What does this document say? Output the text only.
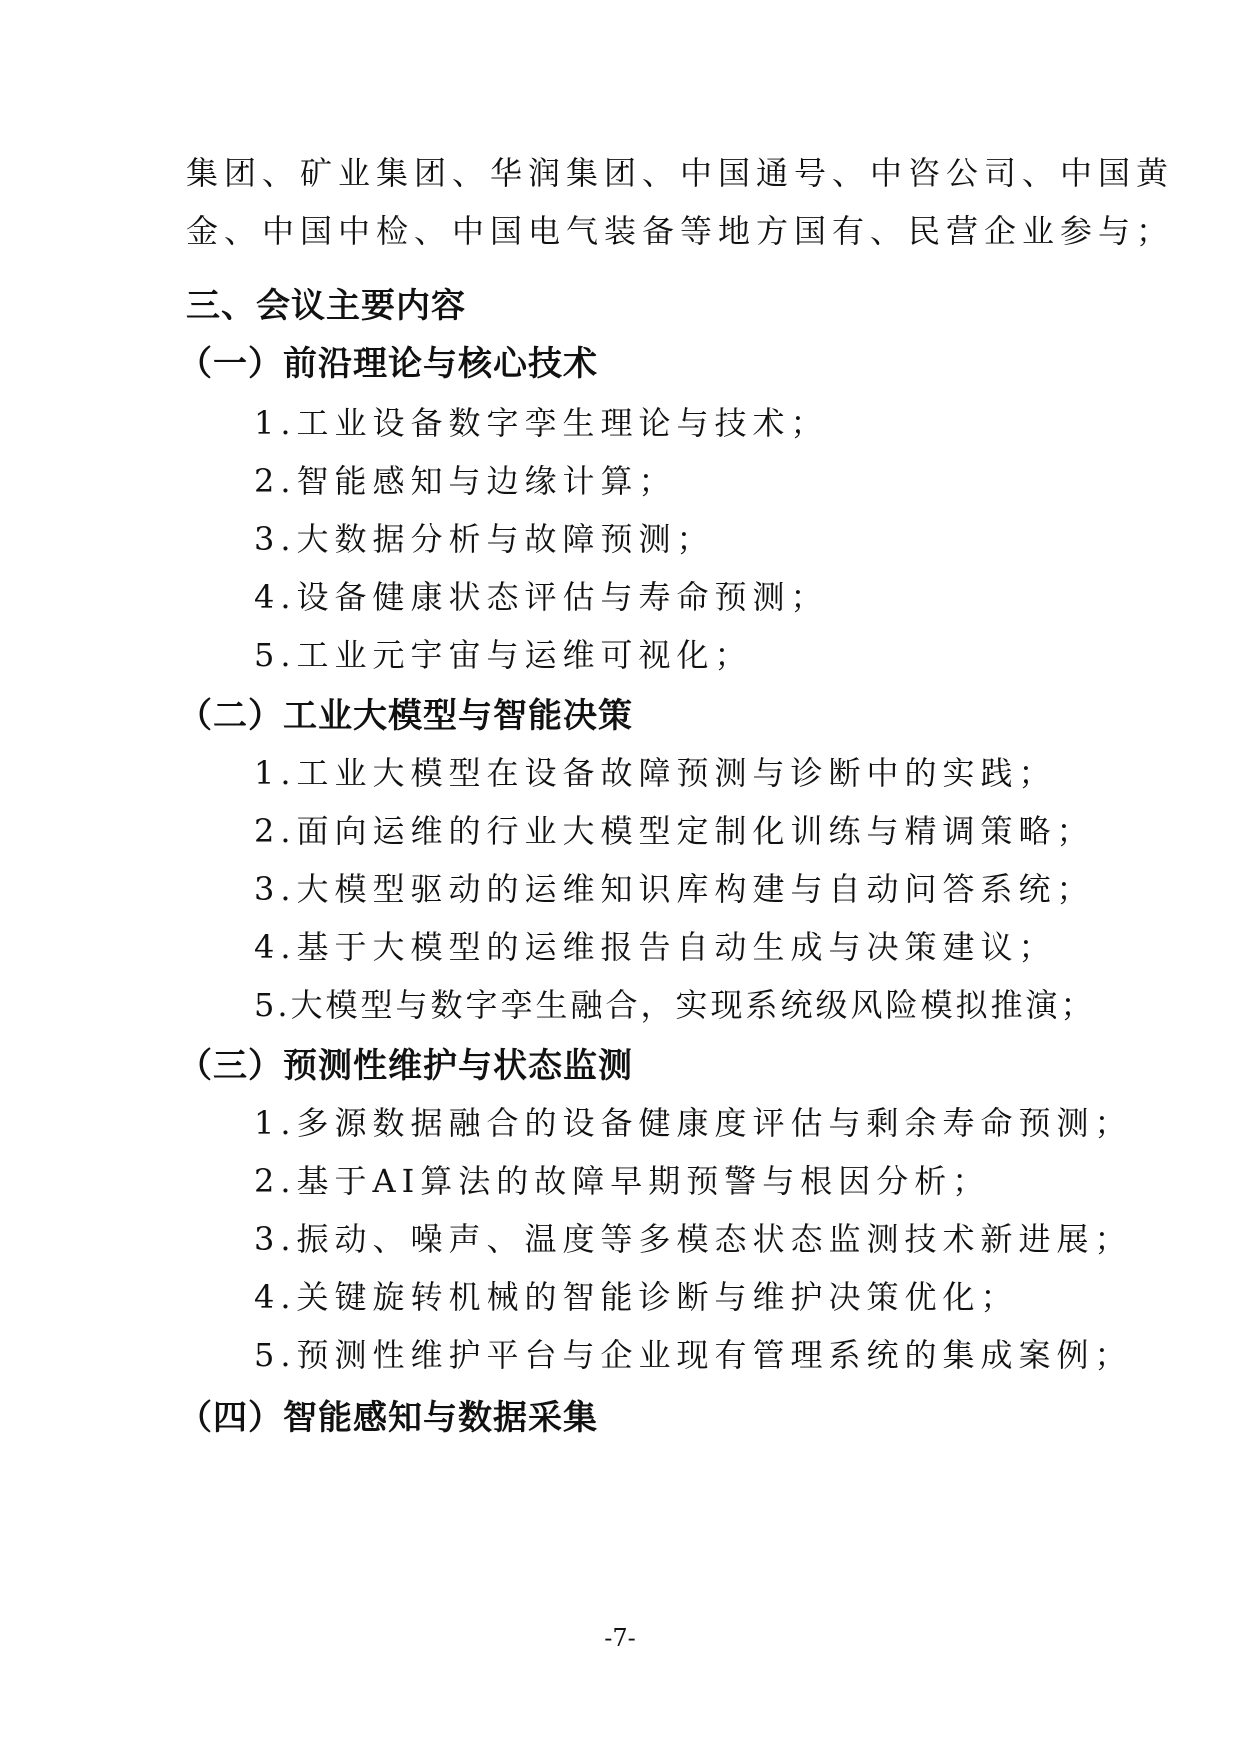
集团、矿业集团、华润集团、中国通号、中咨公司、中国黄

金、中国中检、中国电气装备等地方国有、民营企业参与；

三、会议主要内容

（一）前沿理论与核心技术

1.工业设备数字孪生理论与技术；

2.智能感知与边缘计算；

3.大数据分析与故障预测；

4.设备健康状态评估与寿命预测；

5.工业元宇宙与运维可视化；

（二）工业大模型与智能决策

1.工业大模型在设备故障预测与诊断中的实践；

2.面向运维的行业大模型定制化训练与精调策略；

3.大模型驱动的运维知识库构建与自动问答系统；

4.基于大模型的运维报告自动生成与决策建议；

5.大模型与数字孪生融合，实现系统级风险模拟推演；

（三）预测性维护与状态监测

1.多源数据融合的设备健康度评估与剩余寿命预测；

2.基于AI算法的故障早期预警与根因分析；

3.振动、噪声、温度等多模态状态监测技术新进展；

4.关键旋转机械的智能诊断与维护决策优化；

5.预测性维护平台与企业现有管理系统的集成案例；

（四）智能感知与数据采集

-7-
